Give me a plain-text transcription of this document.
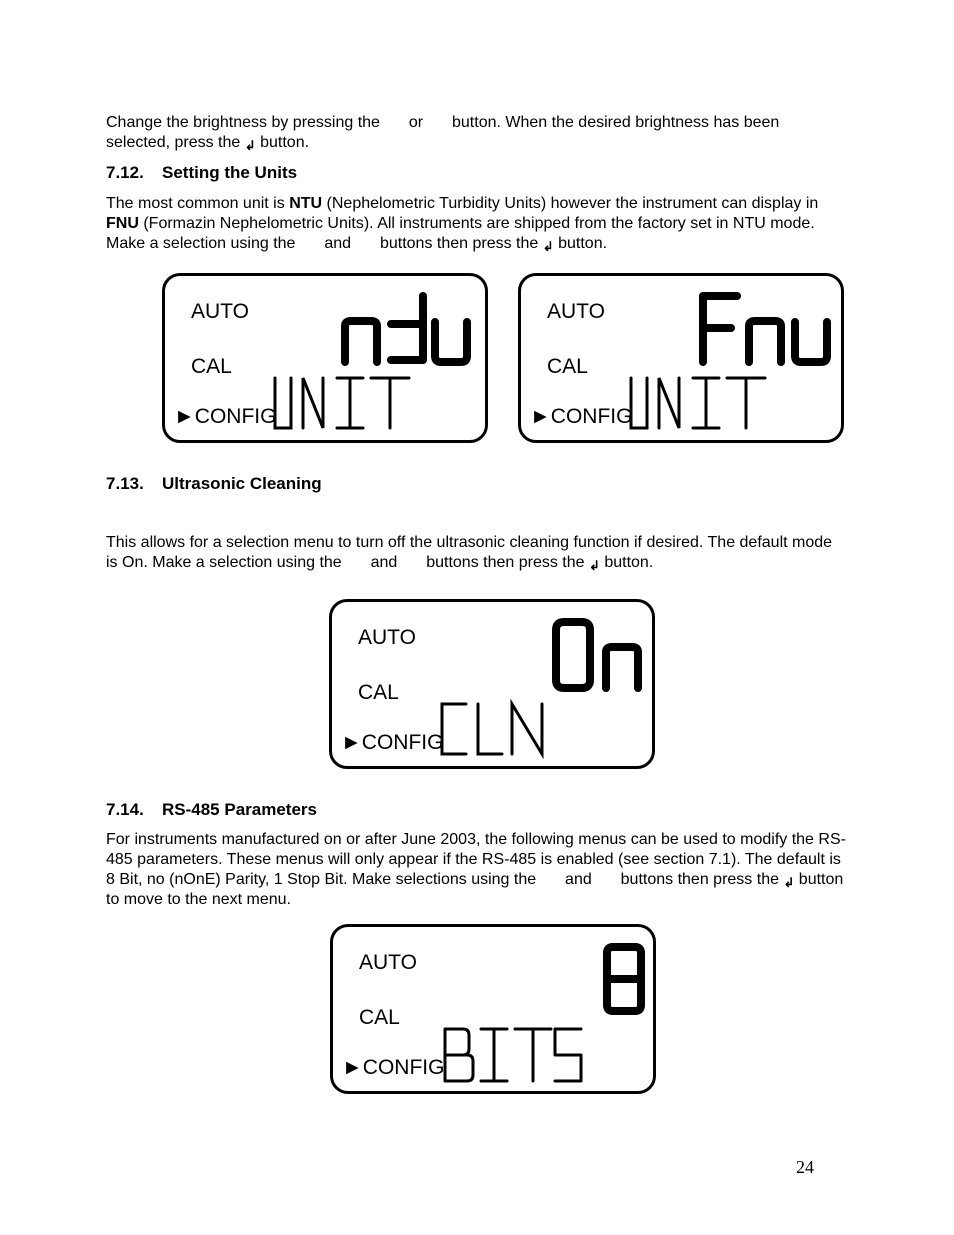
Change the brightness by pressing the or button. When the desired brightness has been selected, press the ↲ button.

7.12. Setting the Units

The most common unit is NTU (Nephelometric Turbidity Units) however the instrument can display in FNU (Formazin Nephelometric Units). All instruments are shipped from the factory set in NTU mode. Make a selection using the and buttons then press the ↲ button.

AUTO
CAL
►CONFIG
AUTO
CAL
►CONFIG

7.13. Ultrasonic Cleaning

This allows for a selection menu to turn off the ultrasonic cleaning function if desired. The default mode is On. Make a selection using the and buttons then press the ↲ button.

AUTO
CAL
►CONFIG

7.14. RS-485 Parameters

For instruments manufactured on or after June 2003, the following menus can be used to modify the RS-485 parameters. These menus will only appear if the RS-485 is enabled (see section 7.1). The default is 8 Bit, no (nOnE) Parity, 1 Stop Bit. Make selections using the and buttons then press the ↲ button to move to the next menu.

AUTO
CAL
►CONFIG

24
